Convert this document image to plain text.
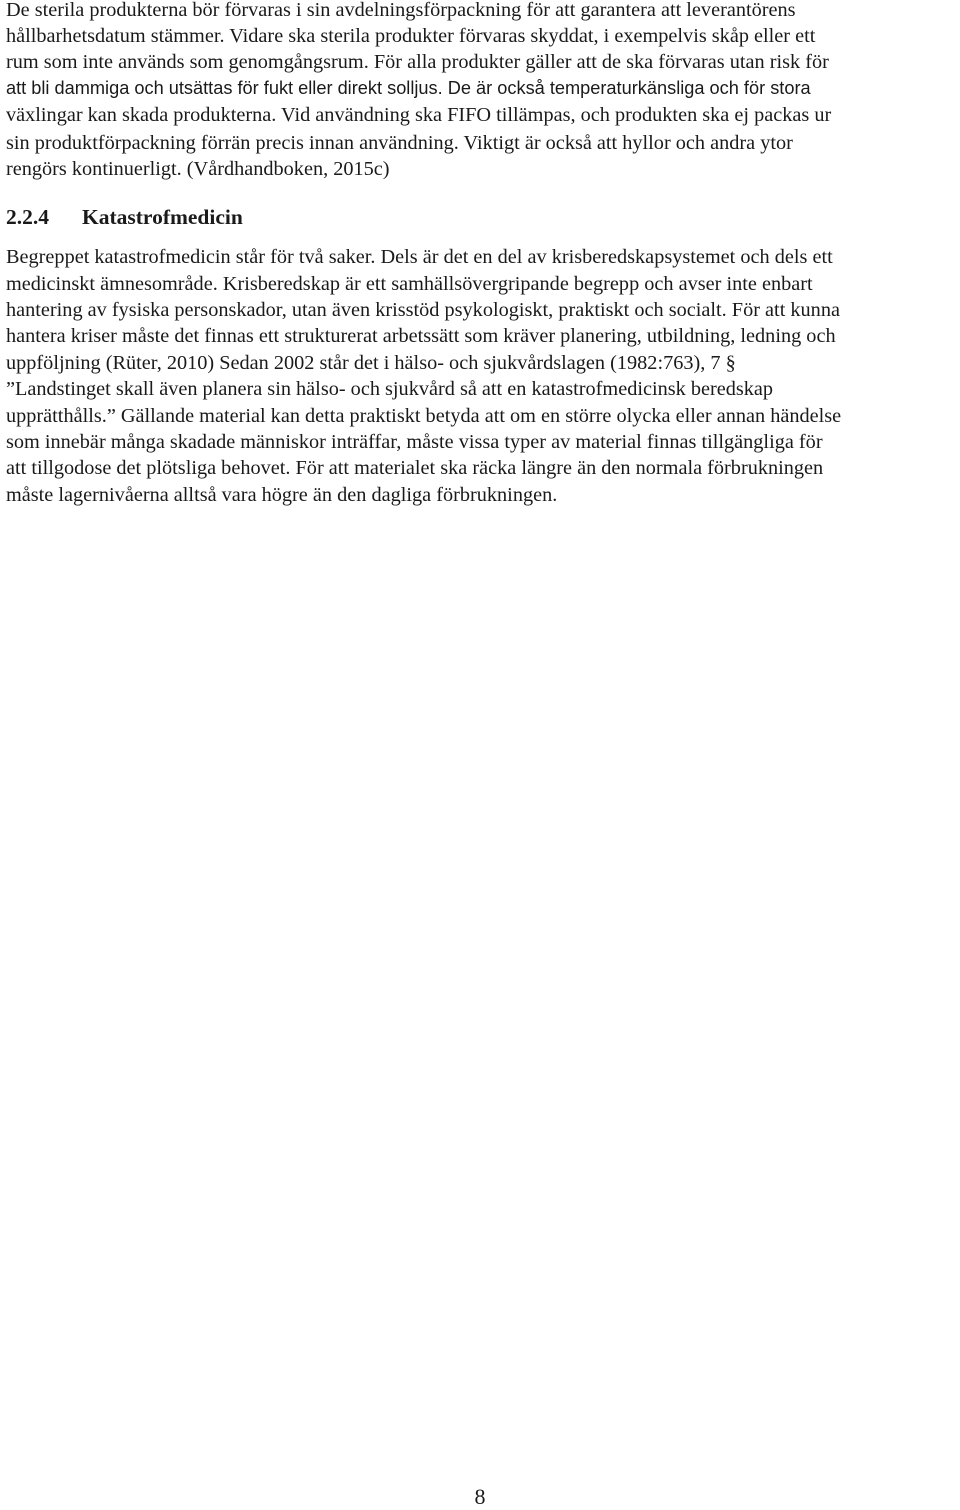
De sterila produkterna bör förvaras i sin avdelningsförpackning för att garantera att leverantörens
hållbarhetsdatum stämmer. Vidare ska sterila produkter förvaras skyddat, i exempelvis skåp eller ett
rum som inte används som genomgångsrum. För alla produkter gäller att de ska förvaras utan risk för
att bli dammiga och utsättas för fukt eller direkt solljus. De är också temperaturkänsliga och för stora
växlingar kan skada produkterna. Vid användning ska FIFO tillämpas, och produkten ska ej packas ur
sin produktförpackning förrän precis innan användning. Viktigt är också att hyllor och andra ytor
rengörs kontinuerligt. (Vårdhandboken, 2015c)
2.2.4 Katastrofmedicin
Begreppet katastrofmedicin står för två saker. Dels är det en del av krisberedskapsystemet och dels ett
medicinskt ämnesområde. Krisberedskap är ett samhällsövergripande begrepp och avser inte enbart
hantering av fysiska personskador, utan även krisstöd psykologiskt, praktiskt och socialt. För att kunna
hantera kriser måste det finnas ett strukturerat arbetssätt som kräver planering, utbildning, ledning och
uppföljning (Rüter, 2010) Sedan 2002 står det i hälso- och sjukvårdslagen (1982:763), 7 §
”Landstinget skall även planera sin hälso- och sjukvård så att en katastrofmedicinsk beredskap
upprätthålls.” Gällande material kan detta praktiskt betyda att om en större olycka eller annan händelse
som innebär många skadade människor inträffar, måste vissa typer av material finnas tillgängliga för
att tillgodose det plötsliga behovet. För att materialet ska räcka längre än den normala förbrukningen
måste lagernivåerna alltså vara högre än den dagliga förbrukningen.
8
